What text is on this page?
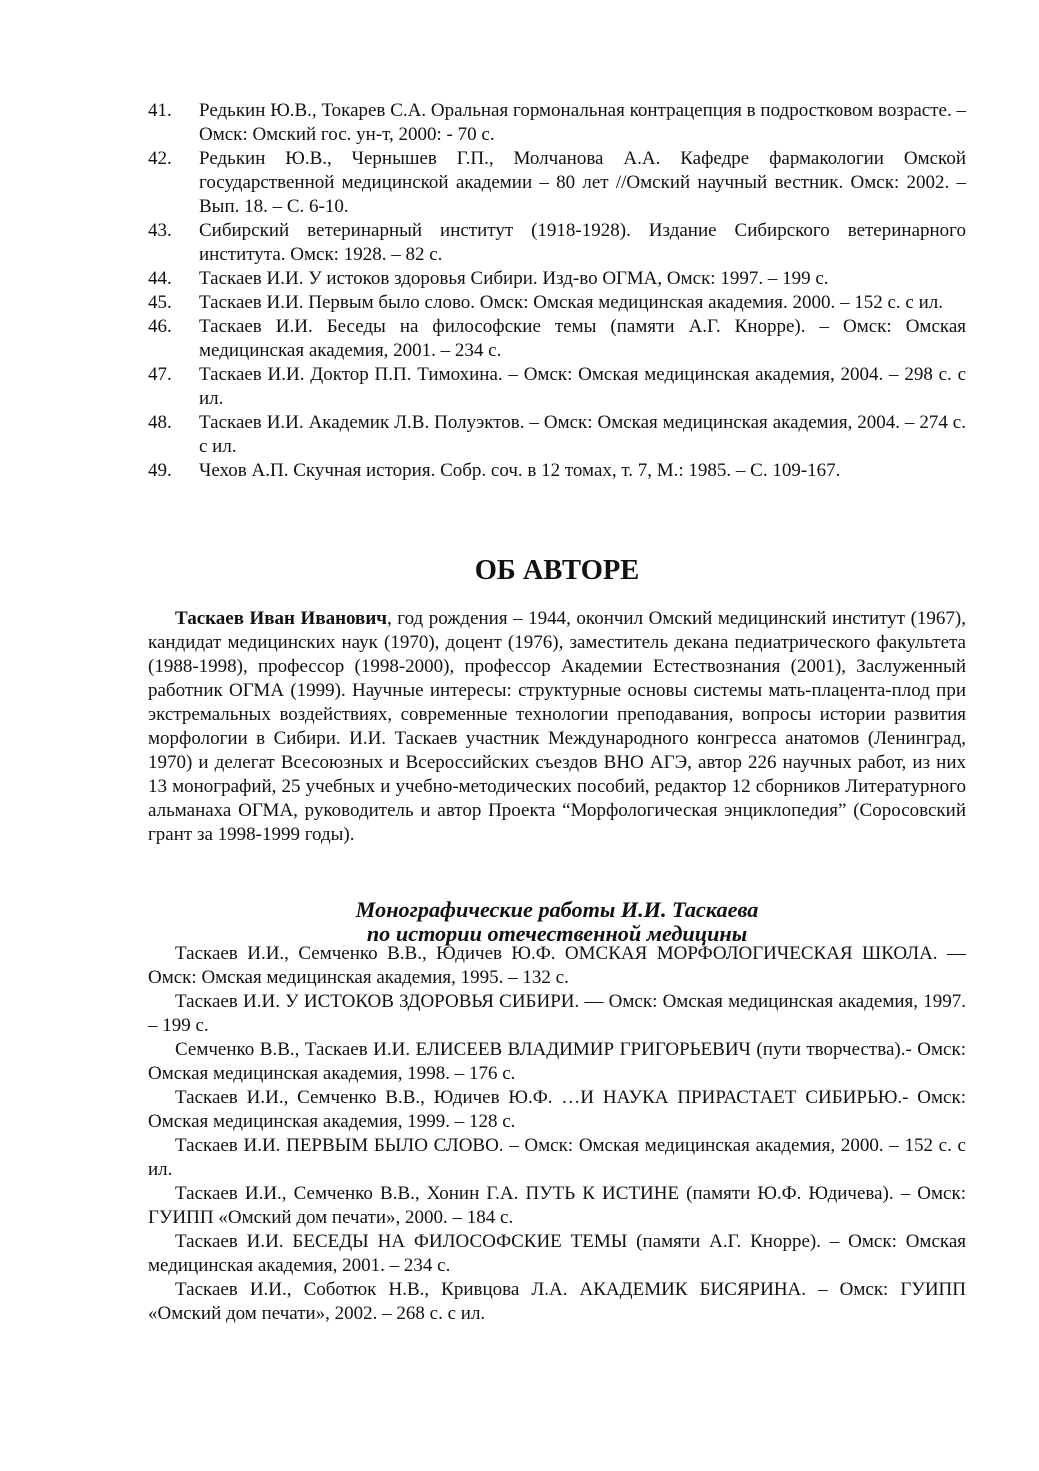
41.	Редькин Ю.В., Токарев С.А. Оральная гормональная контрацепция в подростковом возрасте. – Омск: Омский гос. ун-т, 2000: - 70 с.
42.	Редькин Ю.В., Чернышев Г.П., Молчанова А.А. Кафедре фармакологии Омской государственной медицинской академии – 80 лет //Омский научный вестник. Омск: 2002. – Вып. 18. – С. 6-10.
43.	Сибирский ветеринарный институт (1918-1928). Издание Сибирского ветеринарного института. Омск: 1928. – 82 с.
44.	Таскаев И.И. У истоков здоровья Сибири. Изд-во ОГМА, Омск: 1997. – 199 с.
45.	Таскаев И.И. Первым было слово. Омск: Омская медицинская академия. 2000. – 152 с. с ил.
46.	Таскаев И.И. Беседы на философские темы (памяти А.Г. Кнорре). – Омск: Омская медицинская академия, 2001. – 234 с.
47.	Таскаев И.И. Доктор П.П. Тимохина. – Омск: Омская медицинская академия, 2004. – 298 с. с ил.
48.	Таскаев И.И. Академик Л.В. Полуэктов. – Омск: Омская медицинская академия, 2004. – 274 с. с ил.
49.	Чехов А.П. Скучная история. Собр. соч. в 12 томах, т. 7, М.: 1985. – С. 109-167.
ОБ АВТОРЕ

Таскаев Иван Иванович, год рождения – 1944, окончил Омский медицинский институт (1967), кандидат медицинских наук (1970), доцент (1976), заместитель декана педиатрического факультета (1988-1998), профессор (1998-2000), профессор Академии Естествознания (2001), Заслуженный работник ОГМА (1999). Научные интересы: структурные основы системы мать-плацента-плод при экстремальных воздействиях, современные технологии преподавания, вопросы истории развития морфологии в Сибири. И.И. Таскаев участник Международного конгресса анатомов (Ленинград, 1970) и делегат Всесоюзных и Всероссийских съездов ВНО АГЭ, автор 226 научных работ, из них 13 монографий, 25 учебных и учебно-методических пособий, редактор 12 сборников Литературного альманаха ОГМА, руководитель и автор Проекта “Морфологическая энциклопедия” (Соросовский грант за 1998-1999 годы).

Монографические работы И.И. Таскаева
по истории отечественной медицины

Таскаев И.И., Семченко В.В., Юдичев Ю.Ф. ОМСКАЯ МОРФОЛОГИЧЕСКАЯ ШКОЛА. — Омск: Омская медицинская академия, 1995. – 132 с.

Таскаев И.И. У ИСТОКОВ ЗДОРОВЬЯ СИБИРИ. — Омск: Омская медицинская академия, 1997. – 199 с.

Семченко В.В., Таскаев И.И. ЕЛИСЕЕВ ВЛАДИМИР ГРИГОРЬЕВИЧ (пути творчества).- Омск: Омская медицинская академия, 1998. – 176 с.

Таскаев И.И., Семченко В.В., Юдичев Ю.Ф. …И НАУКА ПРИРАСТАЕТ СИБИРЬЮ.- Омск: Омская медицинская академия, 1999. – 128 с.

Таскаев И.И. ПЕРВЫМ БЫЛО СЛОВО. – Омск: Омская медицинская академия, 2000. – 152 с. с ил.

Таскаев И.И., Семченко В.В., Хонин Г.А. ПУТЬ К ИСТИНЕ (памяти Ю.Ф. Юдичева). – Омск: ГУИПП «Омский дом печати», 2000. – 184 с.

Таскаев И.И. БЕСЕДЫ НА ФИЛОСОФСКИЕ ТЕМЫ (памяти А.Г. Кнорре). – Омск: Омская медицинская академия, 2001. – 234 с.

Таскаев И.И., Соботюк Н.В., Кривцова Л.А. АКАДЕМИК БИСЯРИНА. – Омск: ГУИПП «Омский дом печати», 2002. – 268 с. с ил.
